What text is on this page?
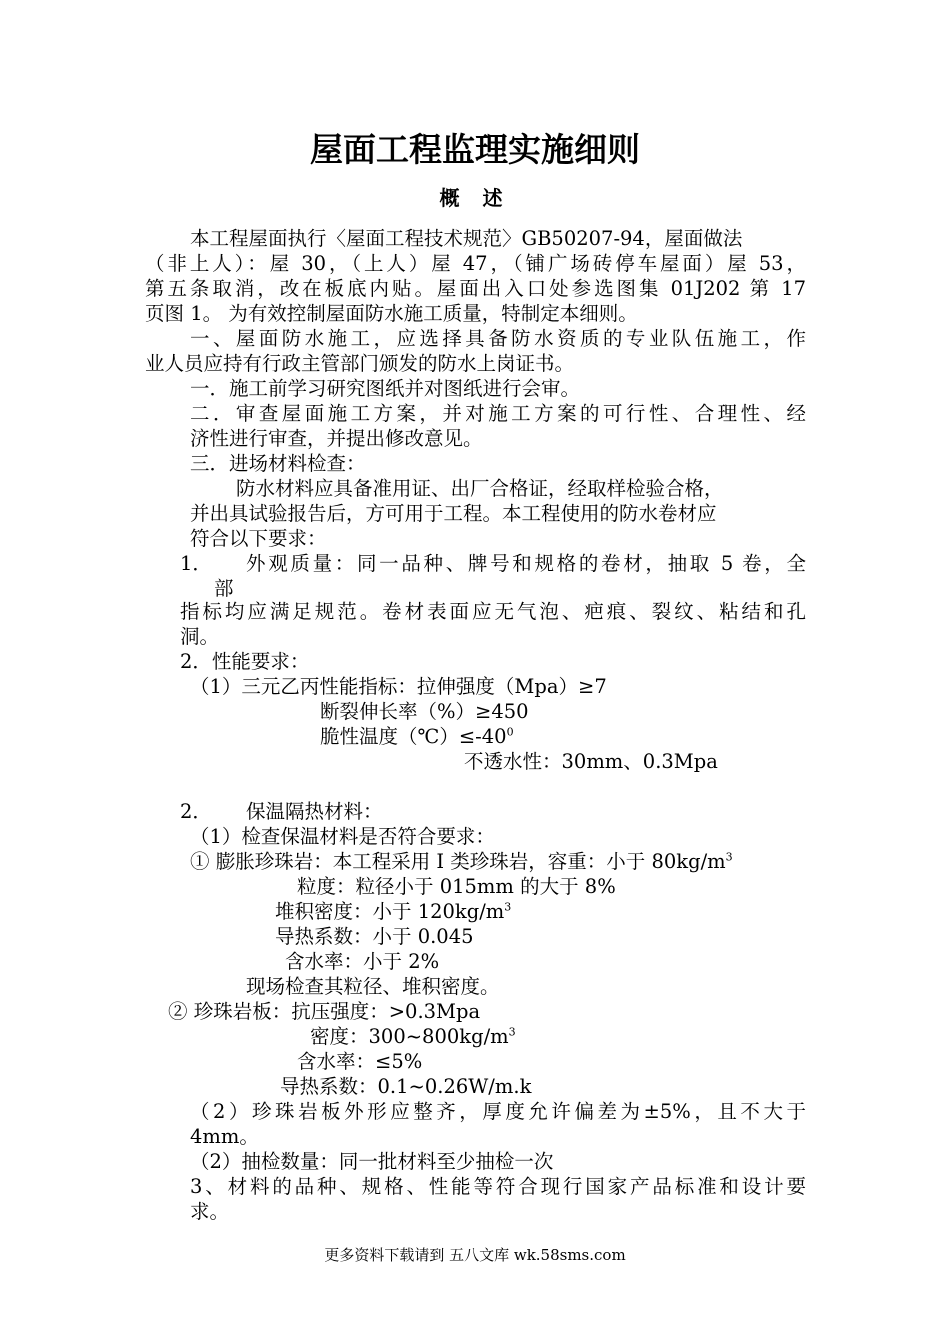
屋面工程监理实施细则
概 述
本工程屋面执行〈屋面工程技术规范〉GB50207-94，屋面做法
（非上人）：屋 30，（上人）屋 47，（铺广场砖停车屋面）屋 53，
第五条取消，改在板底内贴。屋面出入口处参选图集 01J202 第 17
页图 1。 为有效控制屋面防水施工质量，特制定本细则。
一、屋面防水施工，应选择具备防水资质的专业队伍施工，作
业人员应持有行政主管部门颁发的防水上岗证书。
一．施工前学习研究图纸并对图纸进行会审。
二．审查屋面施工方案，并对施工方案的可行性、合理性、经
济性进行审查，并提出修改意见。
三．进场材料检查：
防水材料应具备准用证、出厂合格证，经取样检验合格，
并出具试验报告后，方可用于工程。本工程使用的防水卷材应
符合以下要求：
1． 外观质量：同一品种、牌号和规格的卷材，抽取 5 卷，全
部
指标均应满足规范。卷材表面应无气泡、疤痕、裂纹、粘结和孔
洞。
2．性能要求：
（1）三元乙丙性能指标：拉伸强度（Mpa）≥7
断裂伸长率（%）≥450
脆性温度$(℃)\le-40^0$
不透水性：30mm、0.3Mpa
2． 保温隔热材料：
（1）检查保温材料是否符合要求：
① 膨胀珍珠岩：本工程采用 I 类珍珠岩，容重：小于 $80kg/m^3$
粒度：粒径小于 015mm 的大于 8%
堆积密度：小于 $120kg/m^3$
导热系数：小于 0.045
含水率：小于 2%
现场检查其粒径、堆积密度。
② 珍珠岩板：抗压强度：>0.3Mpa
密度：$300\sim 800kg/m^3$
含水率：≤5%
导热系数：0.1~0.26W/m.k
（2）珍珠岩板外形应整齐，厚度允许偏差为±5%，且不大于
4mm。
（2）抽检数量：同一批材料至少抽检一次
3、材料的品种、规格、性能等符合现行国家产品标准和设计要
求。
更多资料下载请到 五八文库 wk.58sms.com
